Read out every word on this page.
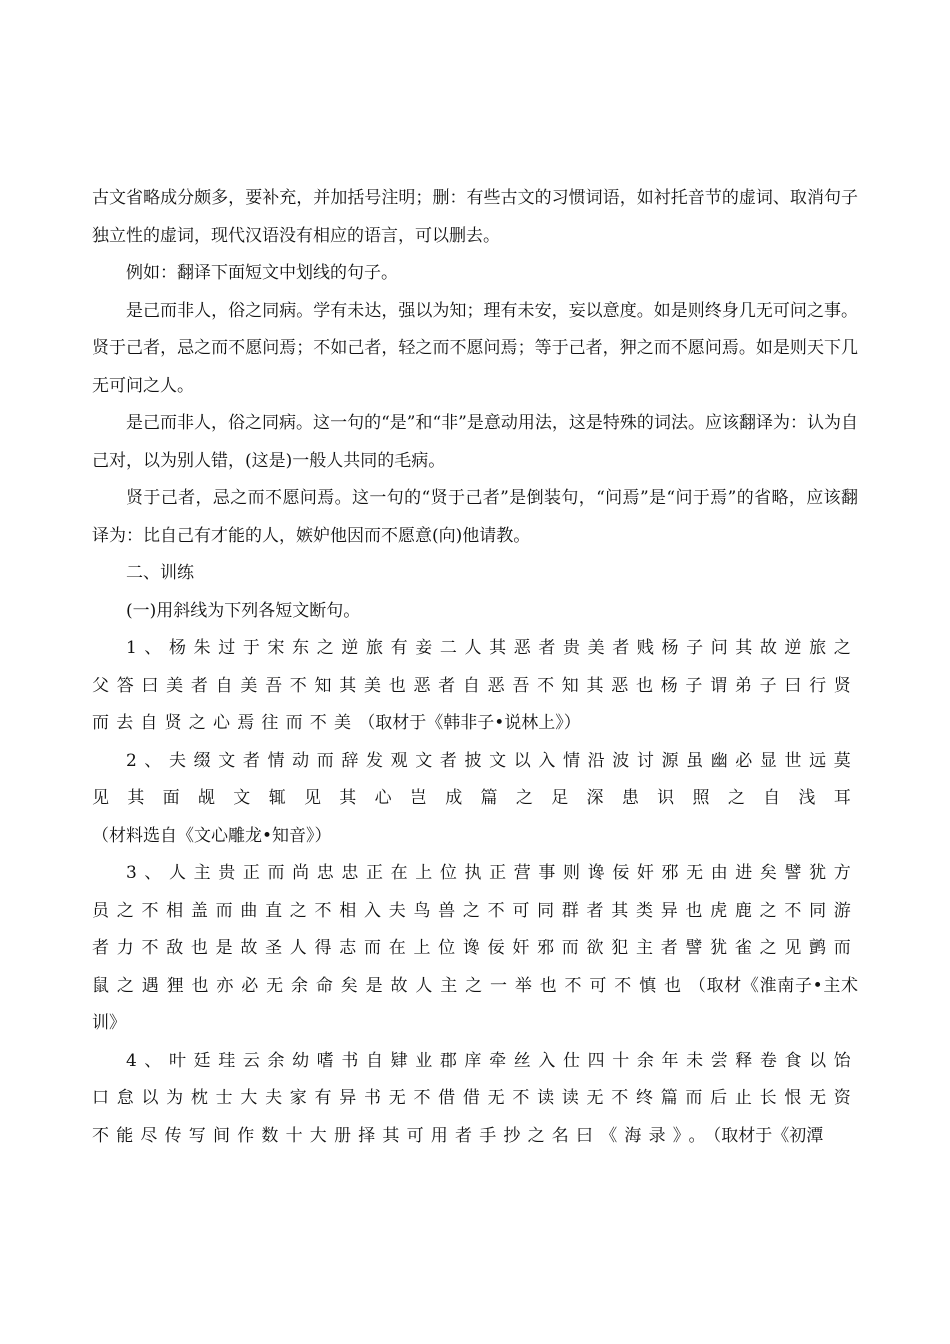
古文省略成分颇多，要补充，并加括号注明；删：有些古文的习惯词语，如衬托音节的虚词、取消句子独立性的虚词，现代汉语没有相应的语言，可以删去。

例如：翻译下面短文中划线的句子。

是己而非人，俗之同病。学有未达，强以为知；理有未安，妄以意度。如是则终身几无可问之事。贤于己者，忌之而不愿问焉；不如己者，轻之而不愿问焉；等于己者，狎之而不愿问焉。如是则天下几无可问之人。

是己而非人，俗之同病。这一句的“是”和“非”是意动用法，这是特殊的词法。应该翻译为：认为自己对，以为别人错，(这是)一般人共同的毛病。

贤于己者，忌之而不愿问焉。这一句的“贤于己者”是倒装句，“问焉”是“问于焉”的省略，应该翻译为：比自己有才能的人，嫉妒他因而不愿意(向)他请教。

二、训练

(一)用斜线为下列各短文断句。

1、杨朱过于宋东之逆旅有妾二人其恶者贵美者贱杨子问其故逆旅之父答曰美者自美吾不知其美也恶者自恶吾不知其恶也杨子谓弟子曰行贤而去自贤之心焉往而不美（取材于《韩非子•说林上》）

2、夫缀文者情动而辞发观文者披文以入情沿波讨源虽幽必显世远莫见其面觇文辄见其心岂成篇之足深患识照之自浅耳（材料选自《文心雕龙•知音》）

3、人主贵正而尚忠忠正在上位执正营事则谗佞奸邪无由进矣譬犹方员之不相盖而曲直之不相入夫鸟兽之不可同群者其类异也虎鹿之不同游者力不敌也是故圣人得志而在上位谗佞奸邪而欲犯主者譬犹雀之见鹯而鼠之遇狸也亦必无余命矣是故人主之一举也不可不慎也（取材《淮南子•主术训》

4、叶廷珪云余幼嗜书自肄业郡庠牵丝入仕四十余年未尝释卷食以饴口怠以为枕士大夫家有异书无不借借无不读读无不终篇而后止长恨无资不能尽传写间作数十大册择其可用者手抄之名曰《海录》。（取材于《初潭
